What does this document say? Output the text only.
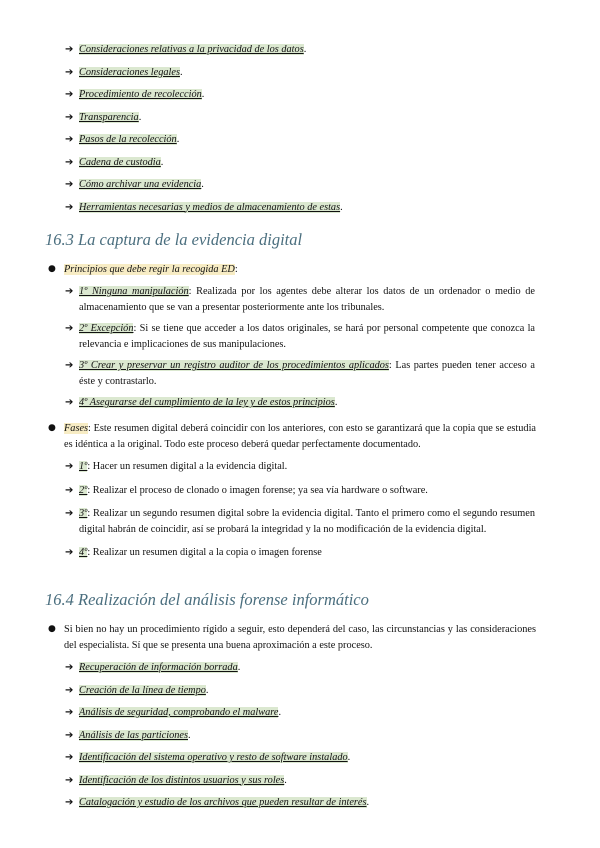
➔ Consideraciones relativas a la privacidad de los datos.
➔ Consideraciones legales.
➔ Procedimiento de recolección.
➔ Transparencia.
➔ Pasos de la recolección.
➔ Cadena de custodia.
➔ Cómo archivar una evidencia.
➔ Herramientas necesarias y medios de almacenamiento de estas.
16.3 La captura de la evidencia digital
● Principios que debe regir la recogida ED:
➔ 1º Ninguna manipulación: Realizada por los agentes debe alterar los datos de un ordenador o medio de almacenamiento que se van a presentar posteriormente ante los tribunales.
➔ 2º Excepción: Si se tiene que acceder a los datos originales, se hará por personal competente que conozca la relevancia e implicaciones de sus manipulaciones.
➔ 3º Crear y preservar un registro auditor de los procedimientos aplicados: Las partes pueden tener acceso a éste y contrastarlo.
➔ 4º Asegurarse del cumplimiento de la ley y de estos principios.
● Fases: Este resumen digital deberá coincidir con los anteriores, con esto se garantizará que la copia que se estudia es idéntica a la original. Todo este proceso deberá quedar perfectamente documentado.
➔ 1º: Hacer un resumen digital a la evidencia digital.
➔ 2º: Realizar el proceso de clonado o imagen forense; ya sea vía hardware o software.
➔ 3º: Realizar un segundo resumen digital sobre la evidencia digital. Tanto el primero como el segundo resumen digital habrán de coincidir, así se probará la integridad y la no modificación de la evidencia digital.
➔ 4º: Realizar un resumen digital a la copia o imagen forense
16.4 Realización del análisis forense informático
● Si bien no hay un procedimiento rígido a seguir, esto dependerá del caso, las circunstancias y las consideraciones del especialista. Sí que se presenta una buena aproximación a este proceso.
➔ Recuperación de información borrada.
➔ Creación de la línea de tiempo.
➔ Análisis de seguridad, comprobando el malware.
➔ Análisis de las particiones.
➔ Identificación del sistema operativo y resto de software instalado.
➔ Identificación de los distintos usuarios y sus roles.
➔ Catalogación y estudio de los archivos que pueden resultar de interés.
